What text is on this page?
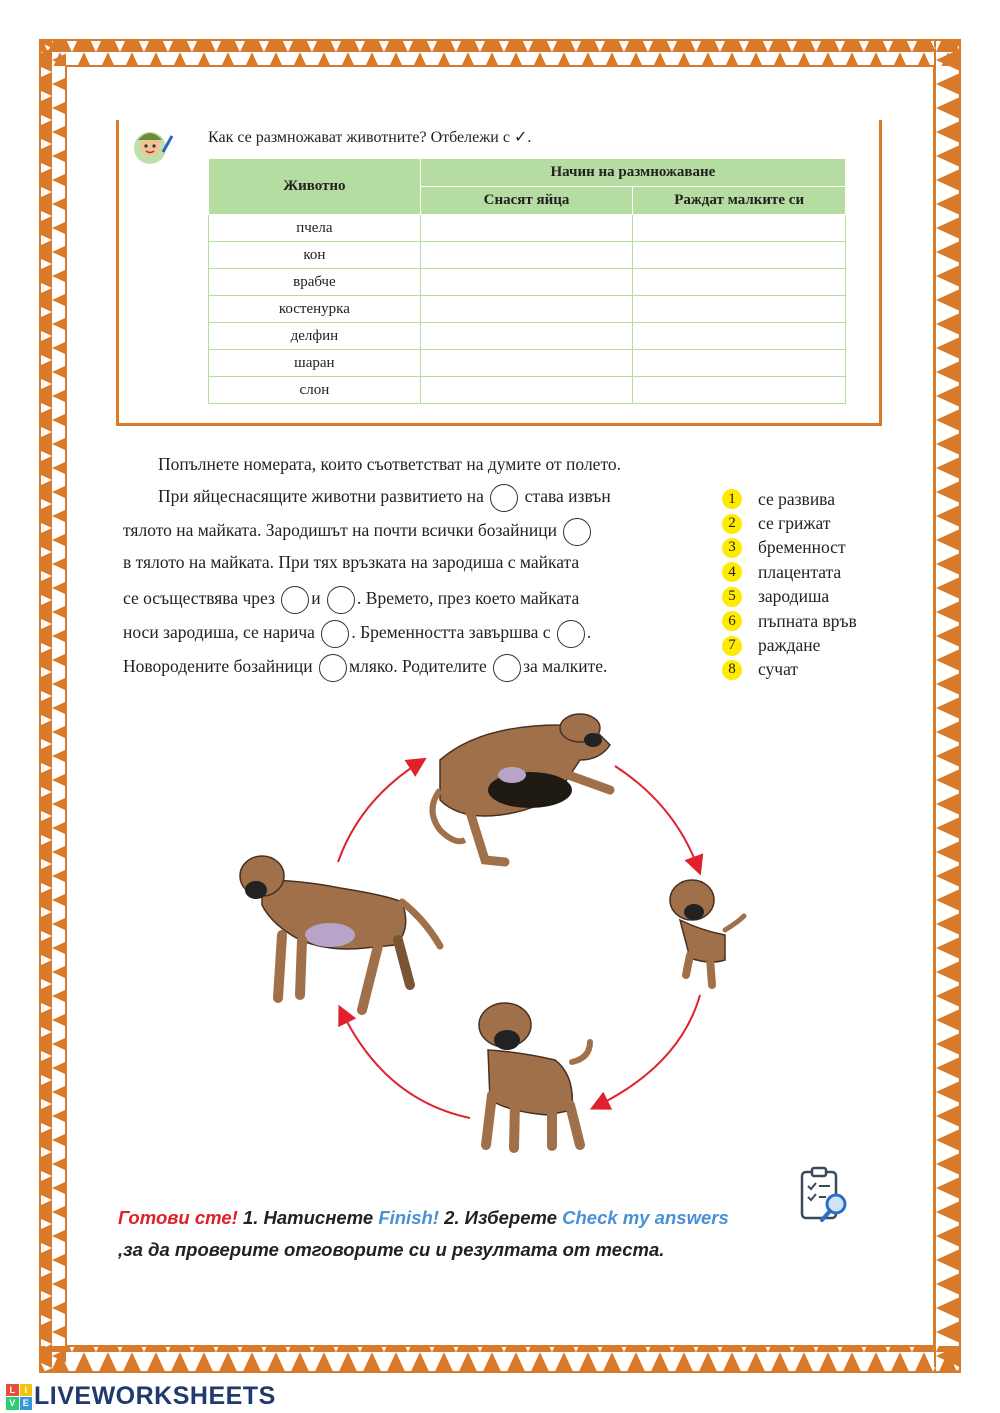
Как се размножават животните? Отбележи с ✓.
Животно	Начин на размножаване	
	Снасят яйца	Раждат малките си
пчела		
кон		
врабче		
костенурка		
делфин		
шаран		
слон		
Попълнете номерата, които съответстват на думите от полето.
При яйцеснасящите животни развитието на става извън
тялото на майката. Зародишът на почти всички бозайници
в тялото на майката. При тях връзката на зародиша с майката
се осъществява чрез и . Времето, през което майката
носи зародиша, се нарича . Бременността завършва с .
Новородените бозайници мляко. Родителите за малките.
1	се развива
2	се грижат
3	бременност
4	плацентата
5	зародиша
6	пъпната връв
7	раждане
8	сучат
Готови сте! 1. Натиснете Finish! 2. Изберете Check my answers
,за да проверите отговорите си и резултата от теста.
L	I
V E LIVEWORKSHEETS
